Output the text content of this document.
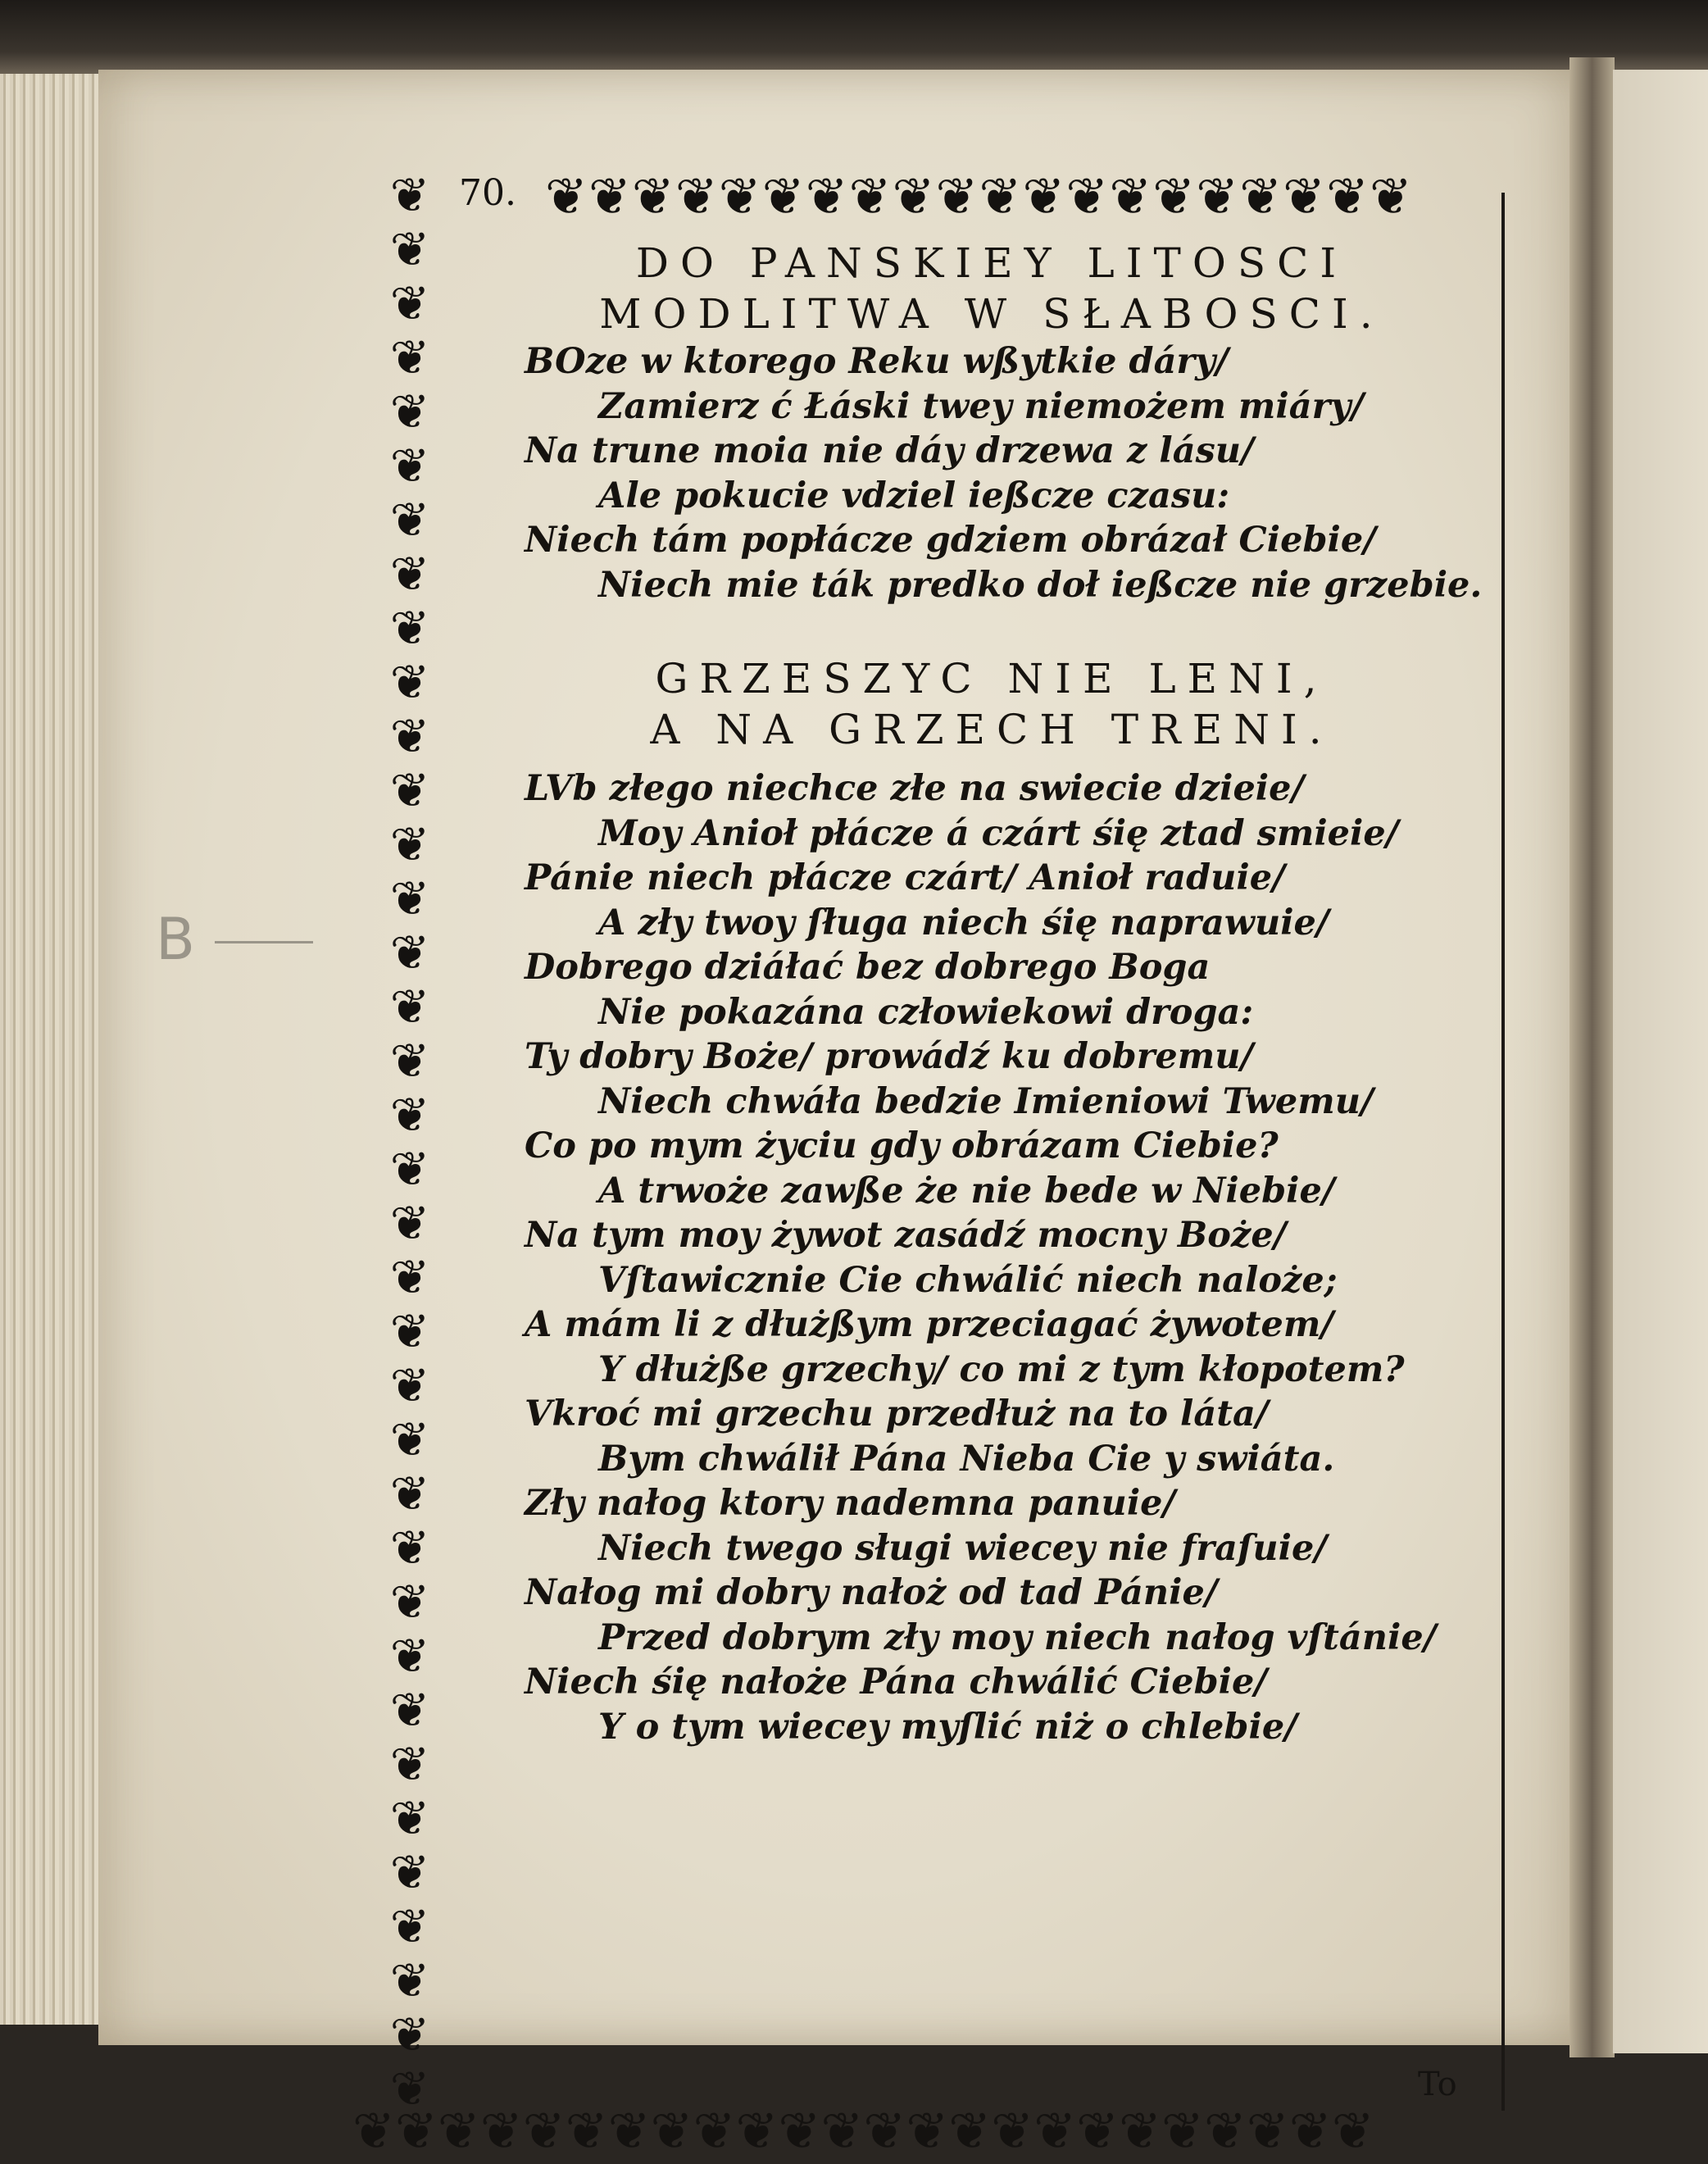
❦❦❦❦❦❦❦❦❦❦❦❦❦❦❦❦❦❦❦❦
❦❦❦❦❦❦❦❦❦❦❦❦❦❦❦❦❦❦❦❦❦❦❦❦❦❦❦❦❦❦❦❦❦❦❦❦
❦❦❦❦❦❦❦❦❦❦❦❦❦❦❦❦❦❦❦❦❦❦❦❦
70.
DO PANSKIEY LITOSCI
MODLITWA W SŁABOSCI.
BOze w ktorego Reku wßytkie dáry/
Zamierz ć Łáski twey niemożem miáry/
Na trune moia nie dáy drzewa z lásu/
Ale pokucie vdziel ießcze czasu:
Niech tám popłácze gdziem obrázał Ciebie/
Niech mie ták predko doł ießcze nie grzebie.
GRZESZYC NIE LENI,
A NA GRZECH TRENI.
LVb złego niechce złe na swiecie dzieie/
Moy Anioł płácze á czárt śię ztad smieie/
Pánie niech płácze czárt/ Anioł raduie/
A zły twoy ſługa niech śię naprawuie/
Dobrego dziáłać bez dobrego Boga
Nie pokazána człowiekowi droga:
Ty dobry Boże/ prowádź ku dobremu/
Niech chwáła bedzie Imieniowi Twemu/
Co po mym życiu gdy obrázam Ciebie?
A trwoże zawße że nie bede w Niebie/
Na tym moy żywot zasádź mocny Boże/
Vſtawicznie Cie chwálić niech naloże;
A mám li z dłużßym przeciagać żywotem/
Y dłużße grzechy/ co mi z tym kłopotem?
Vkroć mi grzechu przedłuż na to láta/
Bym chwálił Pána Nieba Cie y swiáta.
Zły nałog ktory nademna panuie/
Niech twego sługi wiecey nie fraſuie/
Nałog mi dobry nałoż od tad Pánie/
Przed dobrym zły moy niech nałog vſtánie/
Niech śię nałoże Pána chwálić Ciebie/
Y o tym wiecey myſlić niż o chlebie/
To
B
